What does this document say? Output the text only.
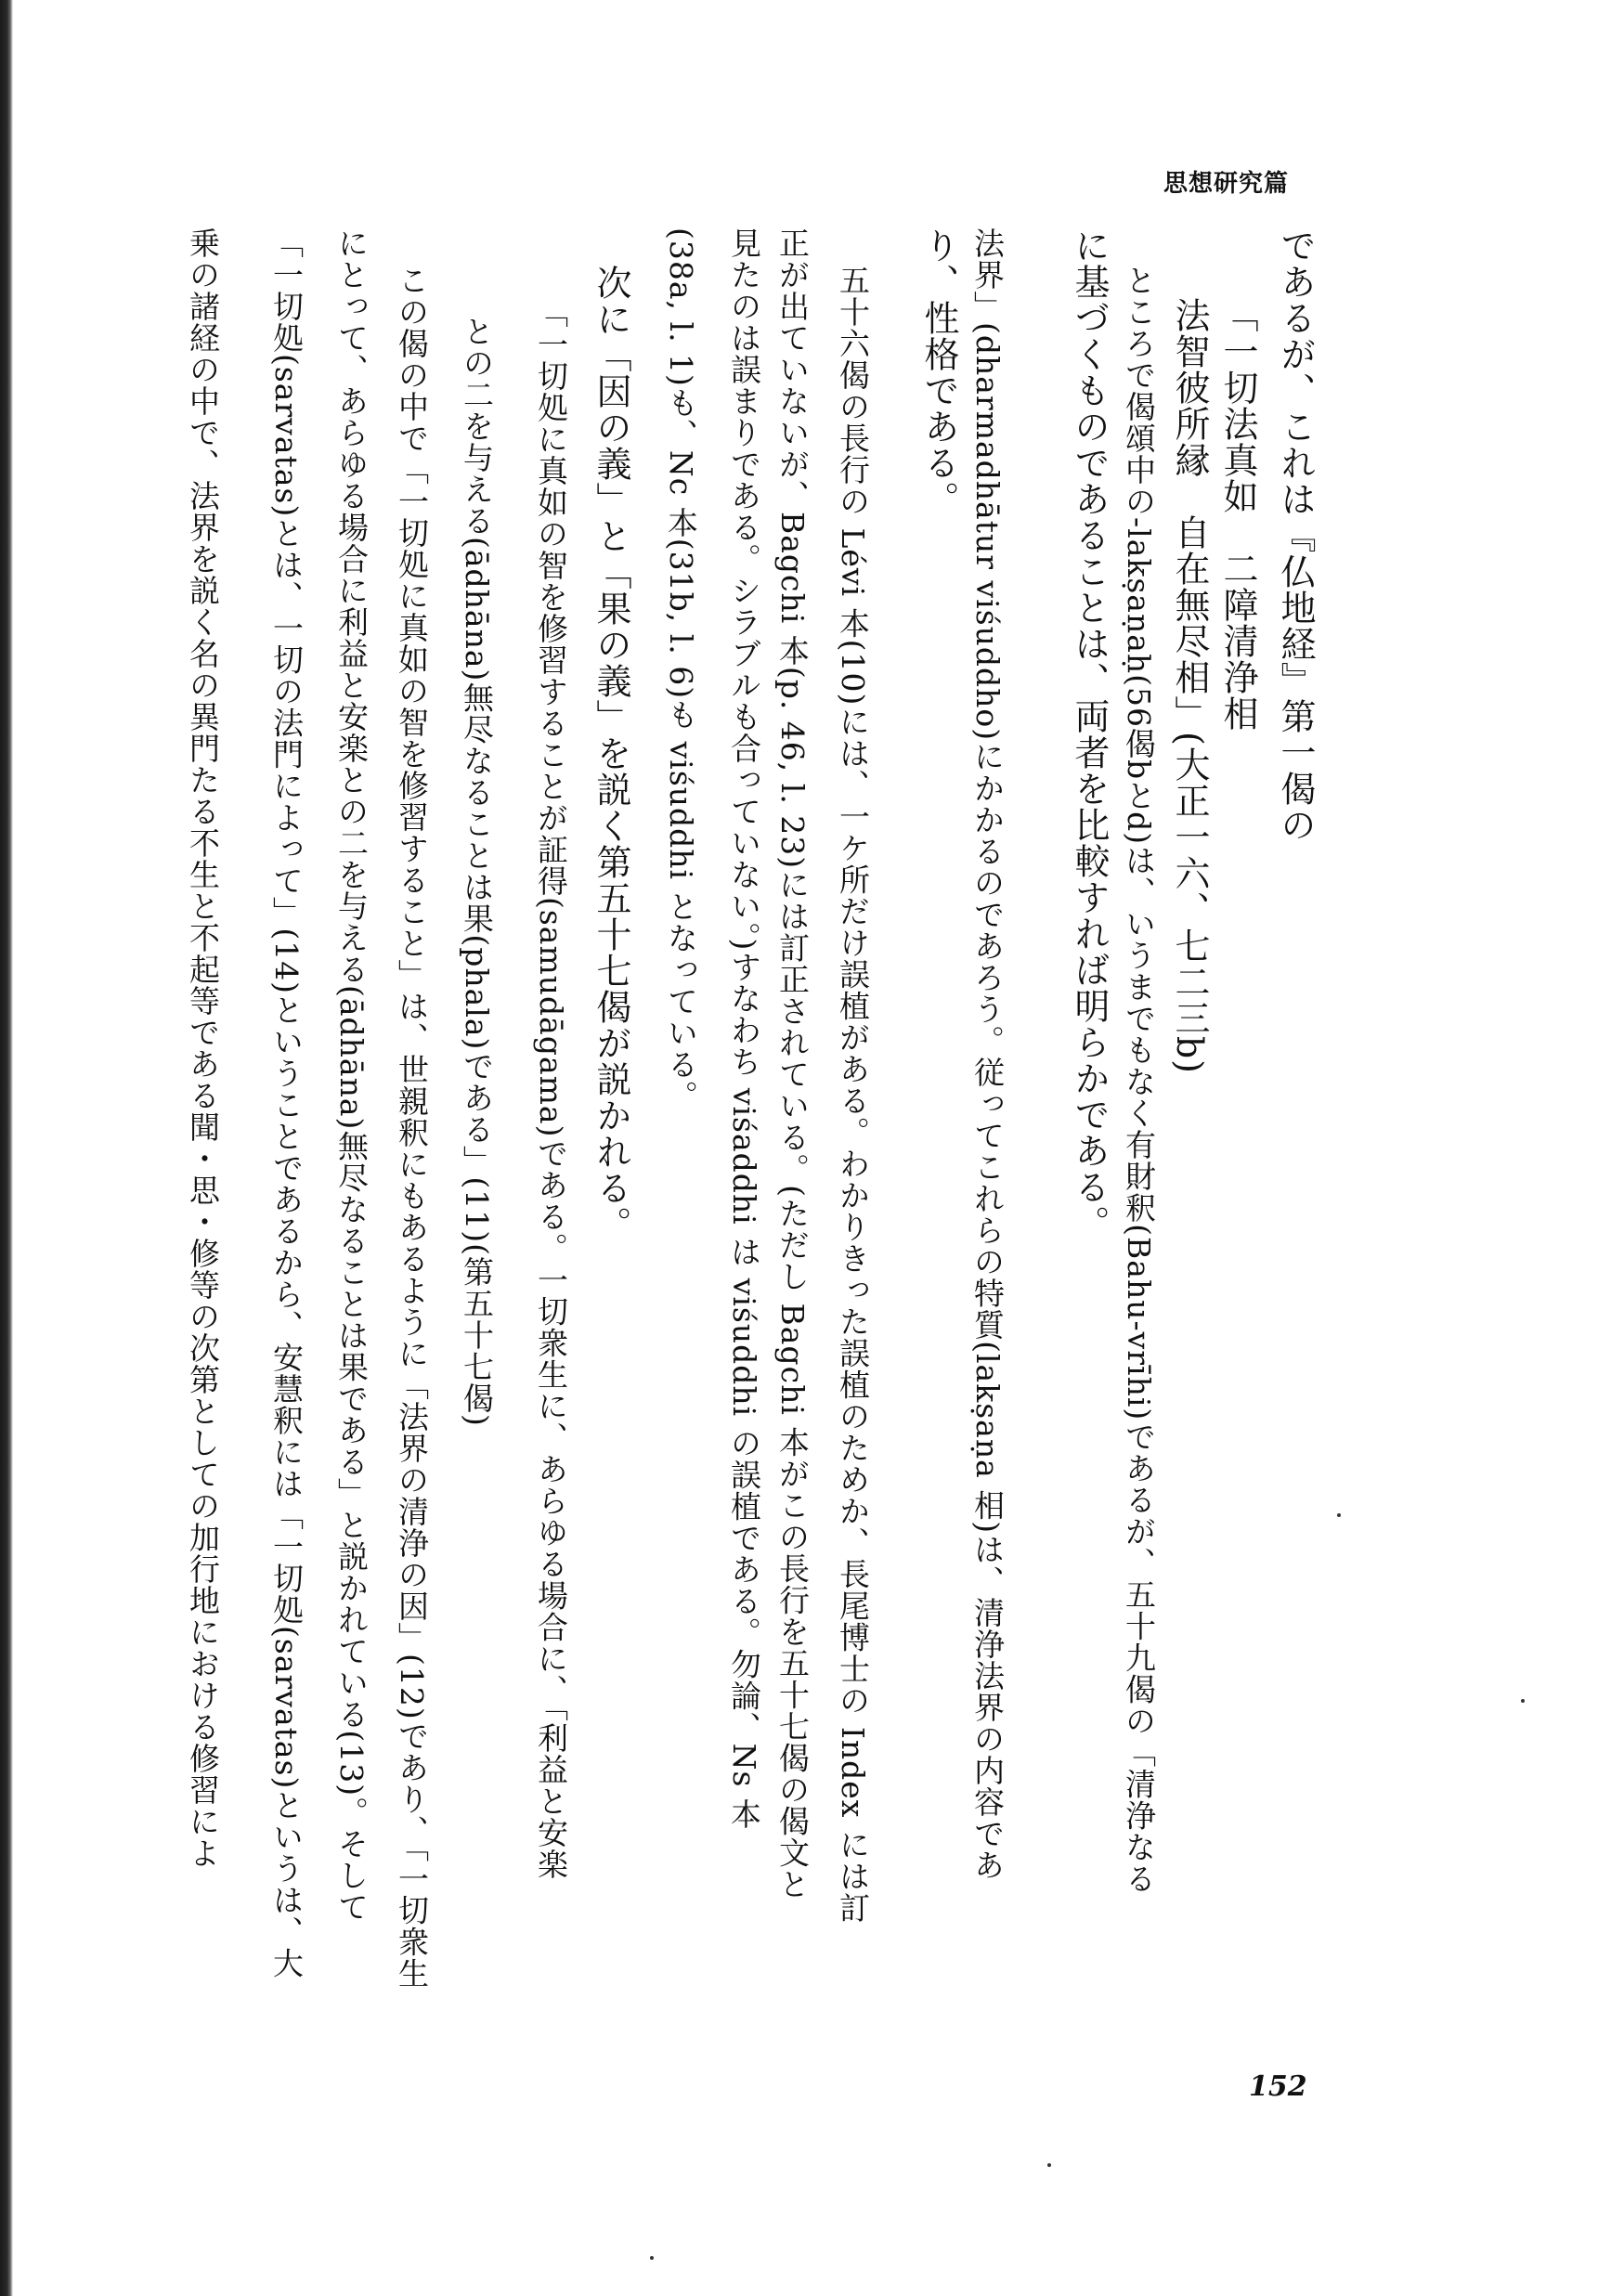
思想研究篇
であるが、これは『仏地経』第一偈の
「一切法真如　二障清浄相
法智彼所縁　自在無尽相」(大正一六、七二三b)
ところで偈頌中の-lakṣaṇaḥ(56偈bとd)は、いうまでもなく有財釈(Bahu-vrīhi)であるが、五十九偈の「清浄なる
に基づくものであることは、両者を比較すれば明らかである。
法界」(dharmadhātur viśuddho)にかかるのであろう。従ってこれらの特質(lakṣaṇa 相)は、清浄法界の内容であ
り、性格である。
五十六偈の長行の Lévi 本(10)には、一ケ所だけ誤植がある。わかりきった誤植のためか、長尾博士の Index には訂
正が出ていないが、Bagchi 本(p. 46, l. 23)には訂正されている。(ただし Bagchi 本がこの長行を五十七偈の偈文と
見たのは誤まりである。シラブルも合っていない。)すなわち viśaddhi は viśuddhi の誤植である。勿論、Ns 本
(38a, l. 1)も、Nc 本(31b, l. 6)も viśuddhi となっている。
次に「因の義」と「果の義」を説く第五十七偈が説かれる。
「一切処に真如の智を修習することが証得(samudāgama)である。一切衆生に、あらゆる場合に、「利益と安楽
との二を与える(ādhāna)無尽なることは果(phala)である」(11)(第五十七偈)
この偈の中で「一切処に真如の智を修習すること」は、世親釈にもあるように「法界の清浄の因」(12)であり、「一切衆生
にとって、あらゆる場合に利益と安楽との二を与える(ādhāna)無尽なることは果である」と説かれている(13)。そして
「一切処(sarvatas)とは、一切の法門によって」(14)ということであるから、安慧釈には「一切処(sarvatas)というは、大
乗の諸経の中で、法界を説く名の異門たる不生と不起等である聞・思・修等の次第としての加行地における修習によ
152
